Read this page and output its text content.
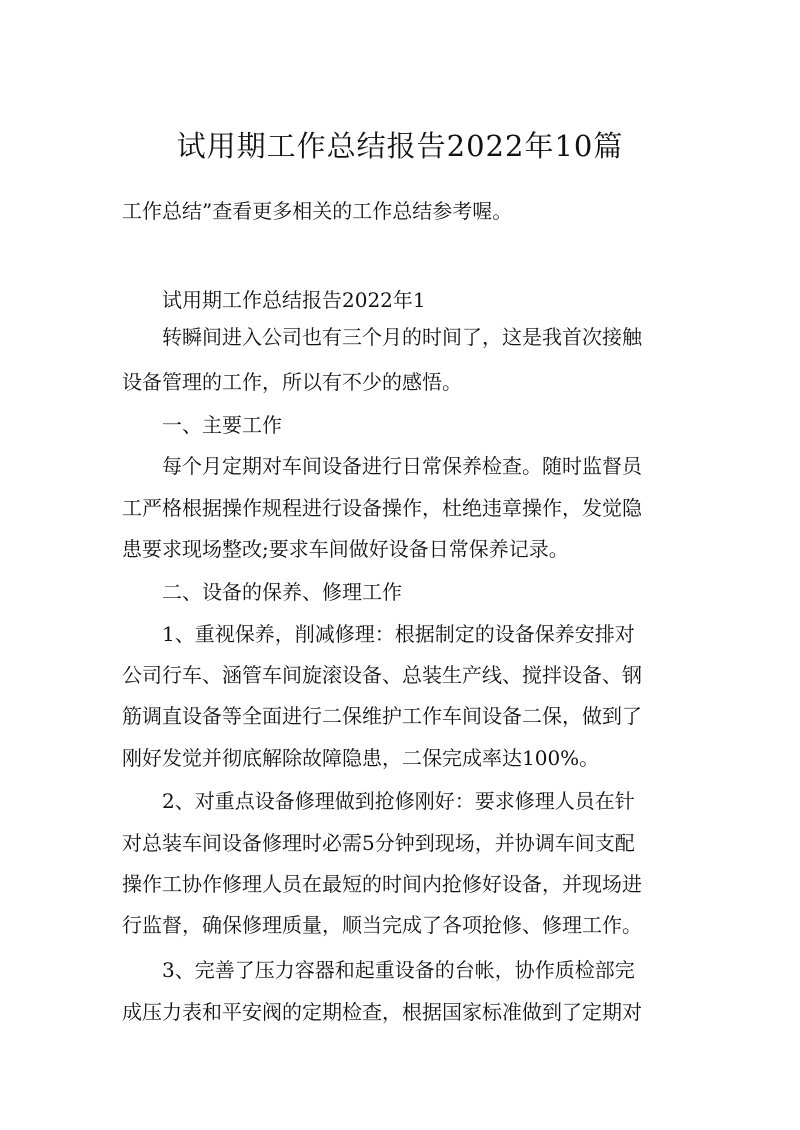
试用期工作总结报告2022年10篇
工作总结”查看更多相关的工作总结参考喔。
试用期工作总结报告2022年1
转瞬间进入公司也有三个月的时间了，这是我首次接触
设备管理的工作，所以有不少的感悟。
一、主要工作
每个月定期对车间设备进行日常保养检查。随时监督员
工严格根据操作规程进行设备操作，杜绝违章操作，发觉隐
患要求现场整改;要求车间做好设备日常保养记录。
二、设备的保养、修理工作
1、重视保养，削减修理：根据制定的设备保养安排对
公司行车、涵管车间旋滚设备、总装生产线、搅拌设备、钢
筋调直设备等全面进行二保维护工作车间设备二保，做到了
刚好发觉并彻底解除故障隐患，二保完成率达100%。
2、对重点设备修理做到抢修刚好：要求修理人员在针
对总装车间设备修理时必需5分钟到现场，并协调车间支配
操作工协作修理人员在最短的时间内抢修好设备，并现场进
行监督，确保修理质量，顺当完成了各项抢修、修理工作。
3、完善了压力容器和起重设备的台帐，协作质检部完
成压力表和平安阀的定期检查，根据国家标准做到了定期对
